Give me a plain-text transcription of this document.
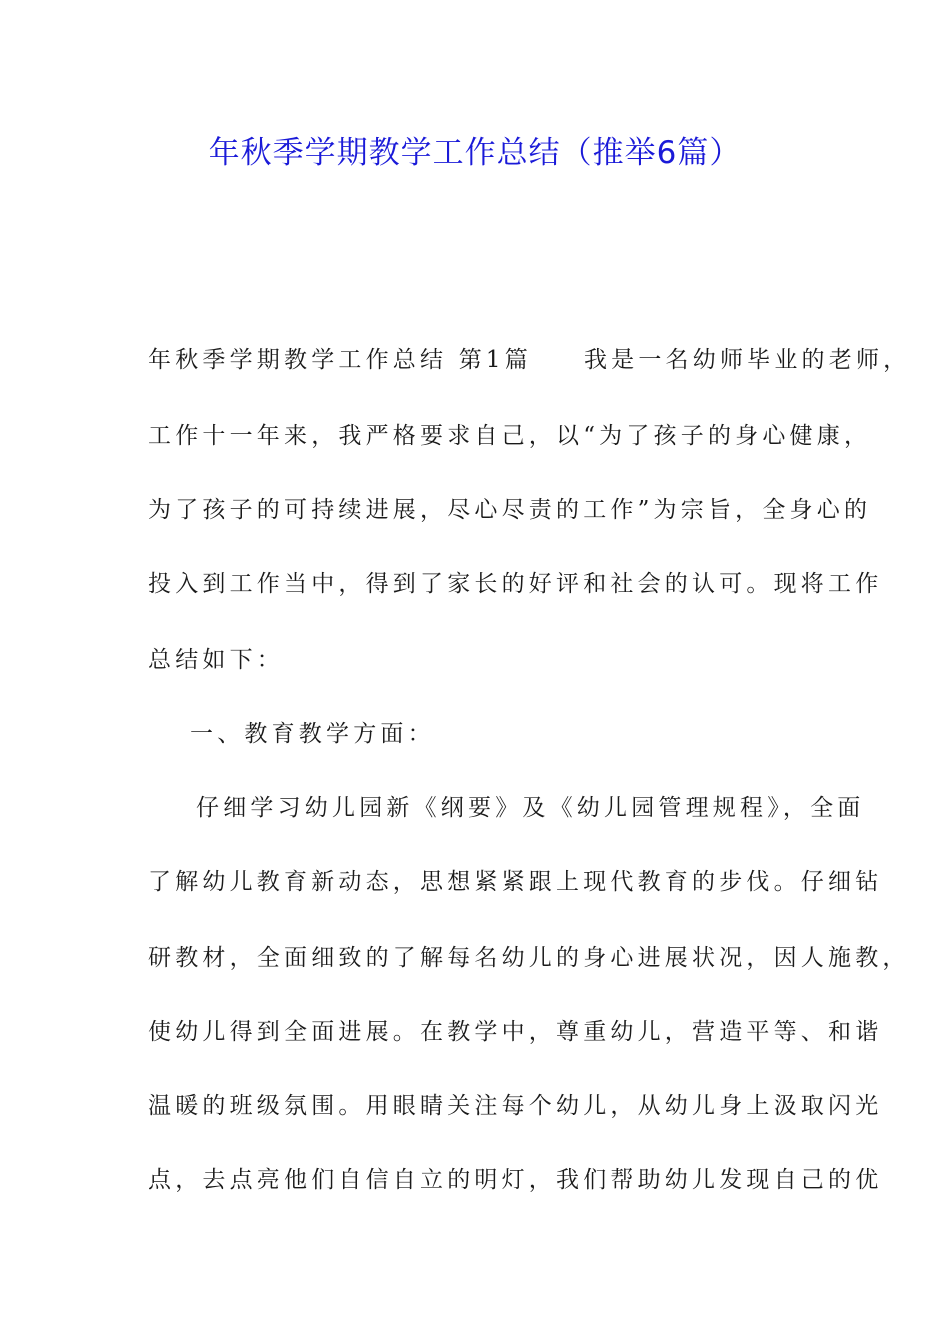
年秋季学期教学工作总结（推举6篇）
年秋季学期教学工作总结 第1篇 我是一名幼师毕业的老师，
工作十一年来，我严格要求自己，以“为了孩子的身心健康，
为了孩子的可持续进展，尽心尽责的工作”为宗旨，全身心的
投入到工作当中，得到了家长的好评和社会的认可。现将工作
总结如下：
一、教育教学方面：
仔细学习幼儿园新《纲要》及《幼儿园管理规程》，全面
了解幼儿教育新动态，思想紧紧跟上现代教育的步伐。仔细钻
研教材，全面细致的了解每名幼儿的身心进展状况，因人施教，
使幼儿得到全面进展。在教学中，尊重幼儿，营造平等、和谐
温暖的班级氛围。用眼睛关注每个幼儿，从幼儿身上汲取闪光
点，去点亮他们自信自立的明灯，我们帮助幼儿发现自己的优
